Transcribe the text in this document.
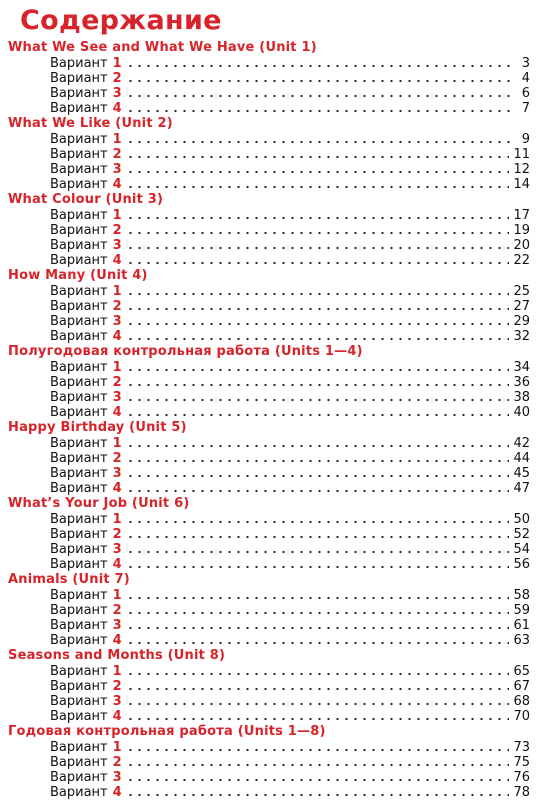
Содержание
What We See and What We Have (Unit 1)
Вариант 1	3
Вариант 2	4
Вариант 3	6
Вариант 4	7
What We Like (Unit 2)
Вариант 1	9
Вариант 2	11
Вариант 3	12
Вариант 4	14
What Colour (Unit 3)
Вариант 1	17
Вариант 2	19
Вариант 3	20
Вариант 4	22
How Many (Unit 4)
Вариант 1	25
Вариант 2	27
Вариант 3	29
Вариант 4	32
Полугодовая контрольная работа (Units 1—4)
Вариант 1	34
Вариант 2	36
Вариант 3	38
Вариант 4	40
Happy Birthday (Unit 5)
Вариант 1	42
Вариант 2	44
Вариант 3	45
Вариант 4	47
What’s Your Job (Unit 6)
Вариант 1	50
Вариант 2	52
Вариант 3	54
Вариант 4	56
Animals (Unit 7)
Вариант 1	58
Вариант 2	59
Вариант 3	61
Вариант 4	63
Seasons and Months (Unit 8)
Вариант 1	65
Вариант 2	67
Вариант 3	68
Вариант 4	70
Годовая контрольная работа (Units 1—8)
Вариант 1	73
Вариант 2	75
Вариант 3	76
Вариант 4	78
